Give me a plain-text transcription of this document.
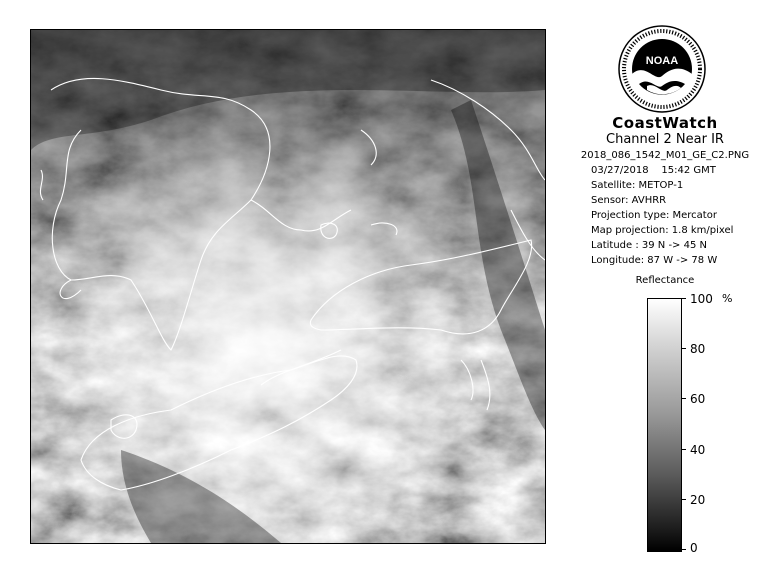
NOAA
CoastWatch
Channel 2 Near IR
2018_086_1542_M01_GE_C2.PNG
03/27/2018 15:42 GMT
Satellite: METOP-1
Sensor: AVHRR
Projection type: Mercator
Map projection: 1.8 km/pixel
Latitude : 39 N -> 45 N
Longitude: 87 W -> 78 W
Reflectance
%
100
80
60
40
20
0
